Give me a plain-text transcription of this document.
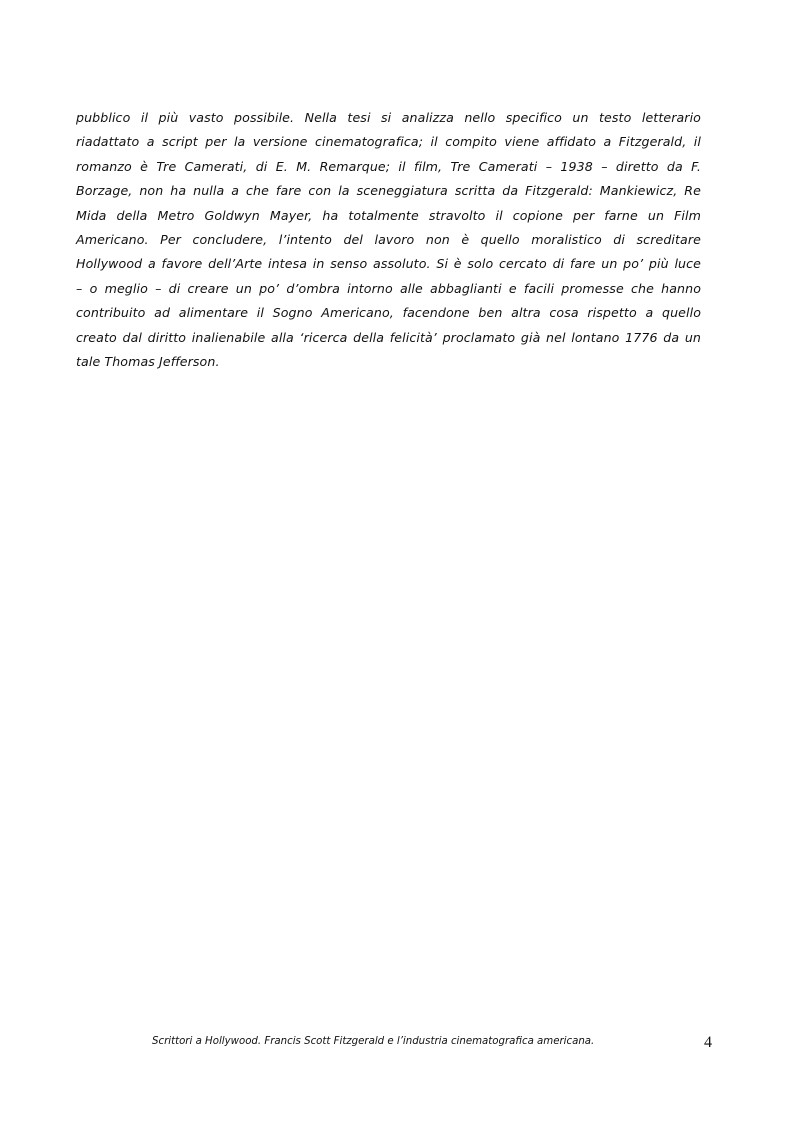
pubblico il più vasto possibile. Nella tesi si analizza nello specifico un testo letterario
riadattato a script per la versione cinematografica; il compito viene affidato a Fitzgerald, il
romanzo è Tre Camerati, di E. M. Remarque; il film, Tre Camerati – 1938 – diretto da F.
Borzage, non ha nulla a che fare con la sceneggiatura scritta da Fitzgerald: Mankiewicz, Re
Mida della Metro Goldwyn Mayer, ha totalmente stravolto il copione per farne un Film
Americano. Per concludere, l’intento del lavoro non è quello moralistico di screditare
Hollywood a favore dell’Arte intesa in senso assoluto. Si è solo cercato di fare un po’ più luce
– o meglio – di creare un po’ d’ombra intorno alle abbaglianti e facili promesse che hanno
contribuito ad alimentare il Sogno Americano, facendone ben altra cosa rispetto a quello
creato dal diritto inalienabile alla ‘ricerca della felicità’ proclamato già nel lontano 1776 da un
tale Thomas Jefferson.
Scrittori a Hollywood. Francis Scott Fitzgerald e l’industria cinematografica americana.	4
